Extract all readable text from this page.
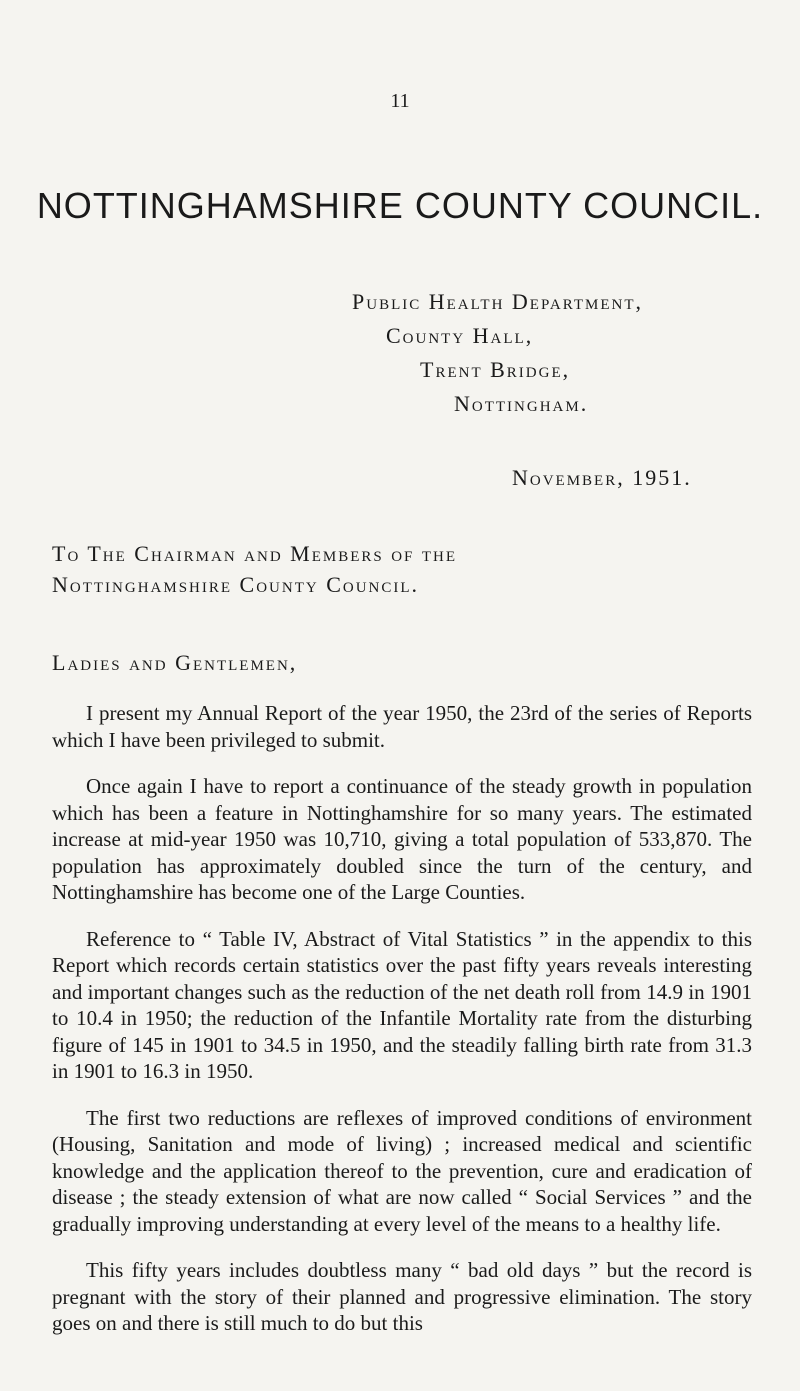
11
NOTTINGHAMSHIRE COUNTY COUNCIL.
Public Health Department,
County Hall,
Trent Bridge,
Nottingham.
November, 1951.
To The Chairman and Members of the
Nottinghamshire County Council.
Ladies and Gentlemen,

I present my Annual Report of the year 1950, the 23rd of the series of Reports which I have been privileged to submit.

Once again I have to report a continuance of the steady growth in population which has been a feature in Nottinghamshire for so many years. The estimated increase at mid-year 1950 was 10,710, giving a total population of 533,870. The population has approximately doubled since the turn of the century, and Nottinghamshire has become one of the Large Counties.

Reference to “ Table IV, Abstract of Vital Statistics ” in the appendix to this Report which records certain statistics over the past fifty years reveals interesting and important changes such as the reduction of the net death roll from 14.9 in 1901 to 10.4 in 1950; the reduction of the Infantile Mortality rate from the disturbing figure of 145 in 1901 to 34.5 in 1950, and the steadily falling birth rate from 31.3 in 1901 to 16.3 in 1950.

The first two reductions are reflexes of improved conditions of environment (Housing, Sanitation and mode of living) ; increased medical and scientific knowledge and the application thereof to the prevention, cure and eradication of disease ; the steady extension of what are now called “ Social Services ” and the gradually improving understanding at every level of the means to a healthy life.

This fifty years includes doubtless many “ bad old days ” but the record is pregnant with the story of their planned and progressive elimination. The story goes on and there is still much to do but this
